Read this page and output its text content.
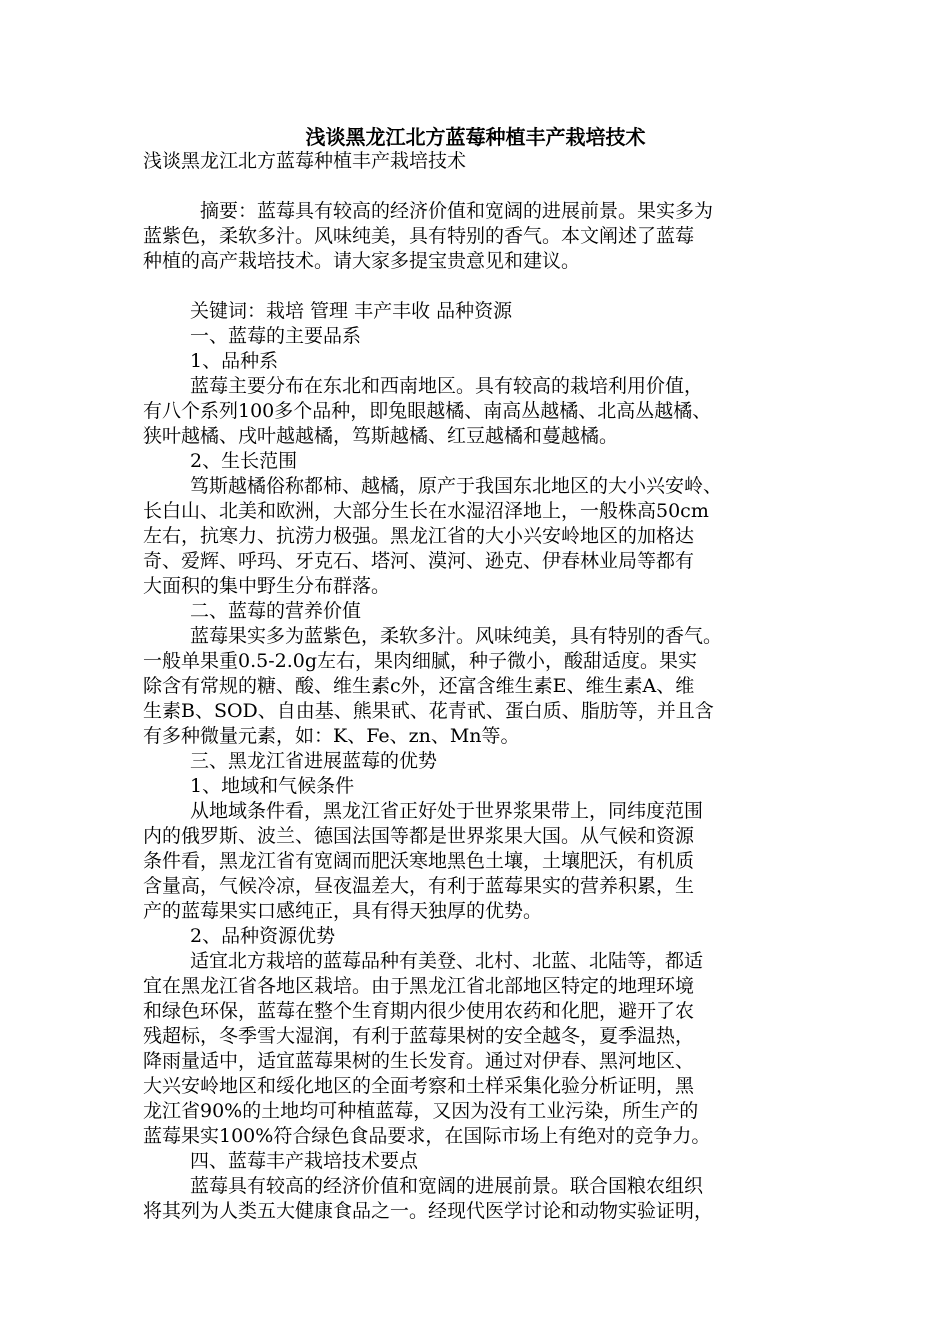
浅谈黑龙江北方蓝莓种植丰产栽培技术
浅谈黑龙江北方蓝莓种植丰产栽培技术
摘要：蓝莓具有较高的经济价值和宽阔的进展前景。果实多为
蓝紫色，柔软多汁。风味纯美，具有特别的香气。本文阐述了蓝莓
种植的高产栽培技术。请大家多提宝贵意见和建议。
关键词：栽培 管理 丰产丰收 品种资源
一、蓝莓的主要品系
1、品种系
蓝莓主要分布在东北和西南地区。具有较高的栽培利用价值，
有八个系列100多个品种，即兔眼越橘、南高丛越橘、北高丛越橘、
狭叶越橘、戌叶越越橘，笃斯越橘、红豆越橘和蔓越橘。
2、生长范围
笃斯越橘俗称都柿、越橘，原产于我国东北地区的大小兴安岭、
长白山、北美和欧洲，大部分生长在水湿沼泽地上，一般株高50cm
左右，抗寒力、抗涝力极强。黑龙江省的大小兴安岭地区的加格达
奇、爱辉、呼玛、牙克石、塔河、漠河、逊克、伊春林业局等都有
大面积的集中野生分布群落。
二、蓝莓的营养价值
蓝莓果实多为蓝紫色，柔软多汁。风味纯美，具有特别的香气。
一般单果重0.5-2.0g左右，果肉细腻，种子微小，酸甜适度。果实
除含有常规的糖、酸、维生素c外，还富含维生素E、维生素A、维
生素B、SOD、自由基、熊果甙、花青甙、蛋白质、脂肪等，并且含
有多种微量元素，如：K、Fe、zn、Mn等。
三、黑龙江省进展蓝莓的优势
1、地域和气候条件
从地域条件看，黑龙江省正好处于世界浆果带上，同纬度范围
内的俄罗斯、波兰、德国法国等都是世界浆果大国。从气候和资源
条件看，黑龙江省有宽阔而肥沃寒地黑色土壤，土壤肥沃，有机质
含量高，气候冷凉，昼夜温差大，有利于蓝莓果实的营养积累，生
产的蓝莓果实口感纯正，具有得天独厚的优势。
2、品种资源优势
适宜北方栽培的蓝莓品种有美登、北村、北蓝、北陆等，都适
宜在黑龙江省各地区栽培。由于黑龙江省北部地区特定的地理环境
和绿色环保，蓝莓在整个生育期内很少使用农药和化肥，避开了农
残超标，冬季雪大湿润，有利于蓝莓果树的安全越冬，夏季温热，
降雨量适中，适宜蓝莓果树的生长发育。通过对伊春、黑河地区、
大兴安岭地区和绥化地区的全面考察和土样采集化验分析证明，黑
龙江省90%的土地均可种植蓝莓，又因为没有工业污染，所生产的
蓝莓果实100%符合绿色食品要求，在国际市场上有绝对的竞争力。
四、蓝莓丰产栽培技术要点
蓝莓具有较高的经济价值和宽阔的进展前景。联合国粮农组织
将其列为人类五大健康食品之一。经现代医学讨论和动物实验证明，
